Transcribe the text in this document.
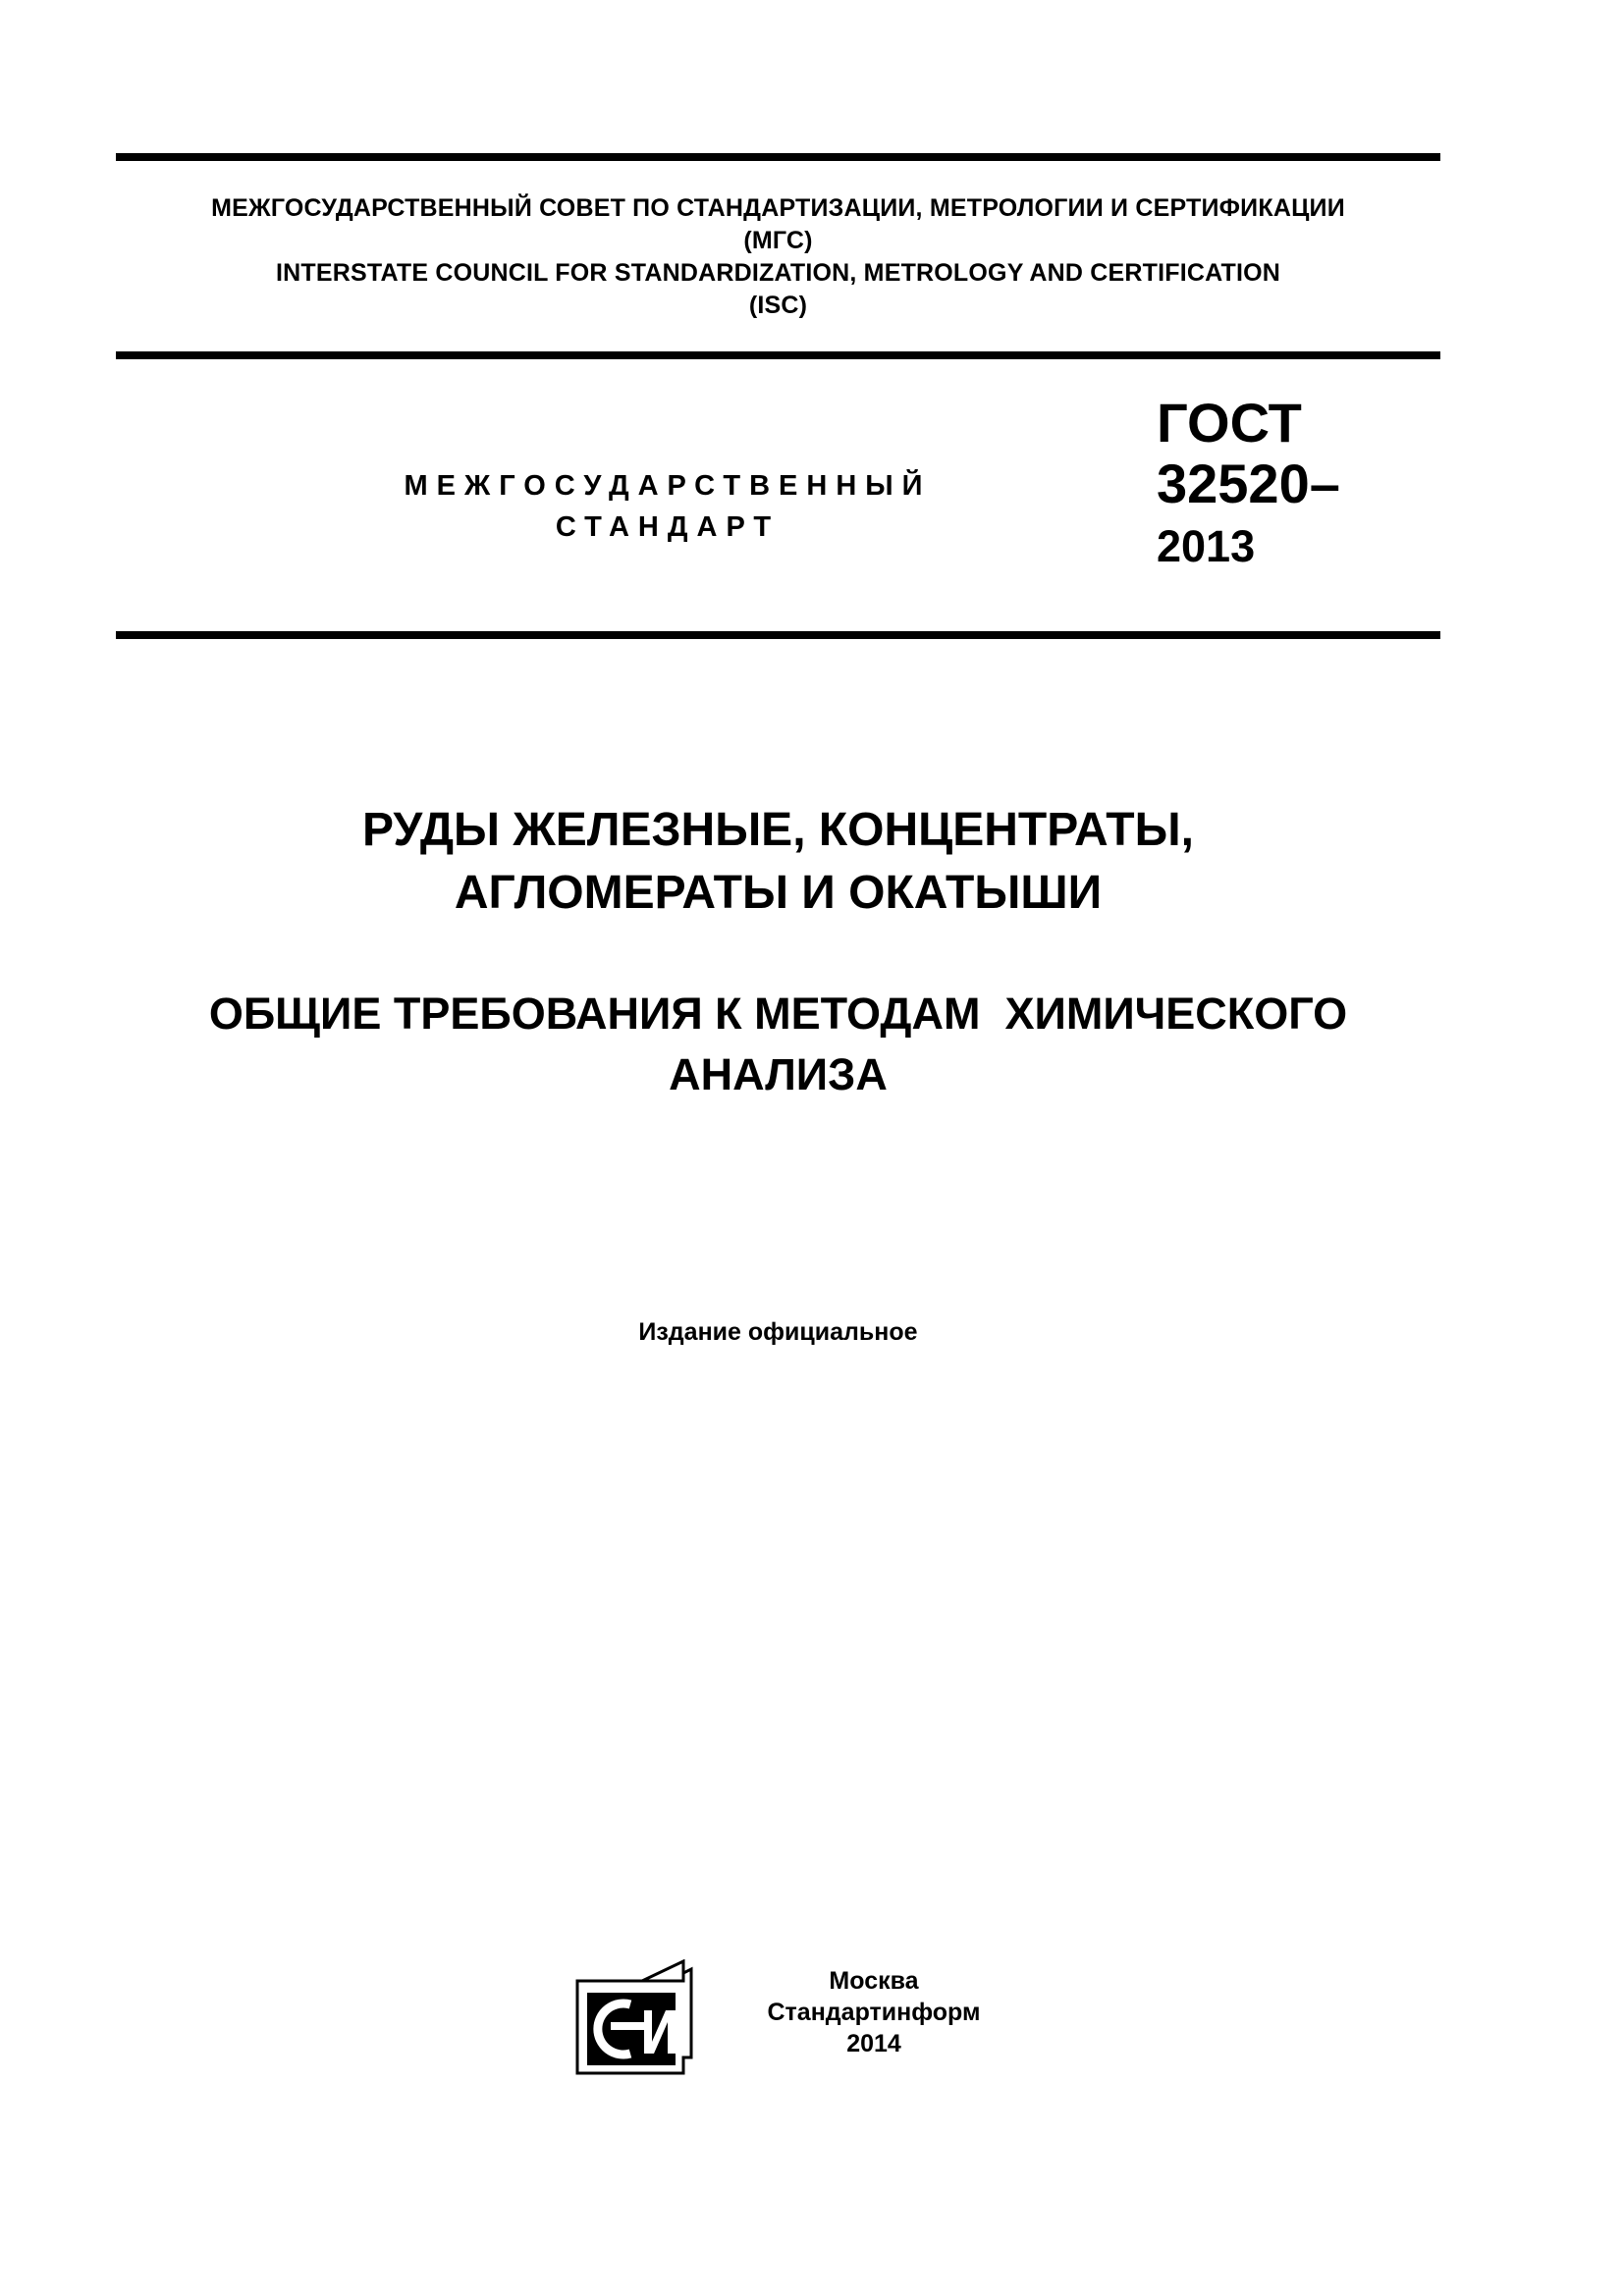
МЕЖГОСУДАРСТВЕННЫЙ СОВЕТ ПО СТАНДАРТИЗАЦИИ, МЕТРОЛОГИИ И СЕРТИФИКАЦИИ
(МГС)
INTERSTATE COUNCIL FOR STANDARDIZATION, METROLOGY AND CERTIFICATION
(ISC)
МЕЖГОСУДАРСТВЕННЫЙ
СТАНДАРТ
ГОСТ
32520–
2013
РУДЫ ЖЕЛЕЗНЫЕ, КОНЦЕНТРАТЫ,
АГЛОМЕРАТЫ И ОКАТЫШИ
ОБЩИЕ ТРЕБОВАНИЯ К МЕТОДАМ  ХИМИЧЕСКОГО
АНАЛИЗА
Издание официальное
Москва
Стандартинформ
2014
